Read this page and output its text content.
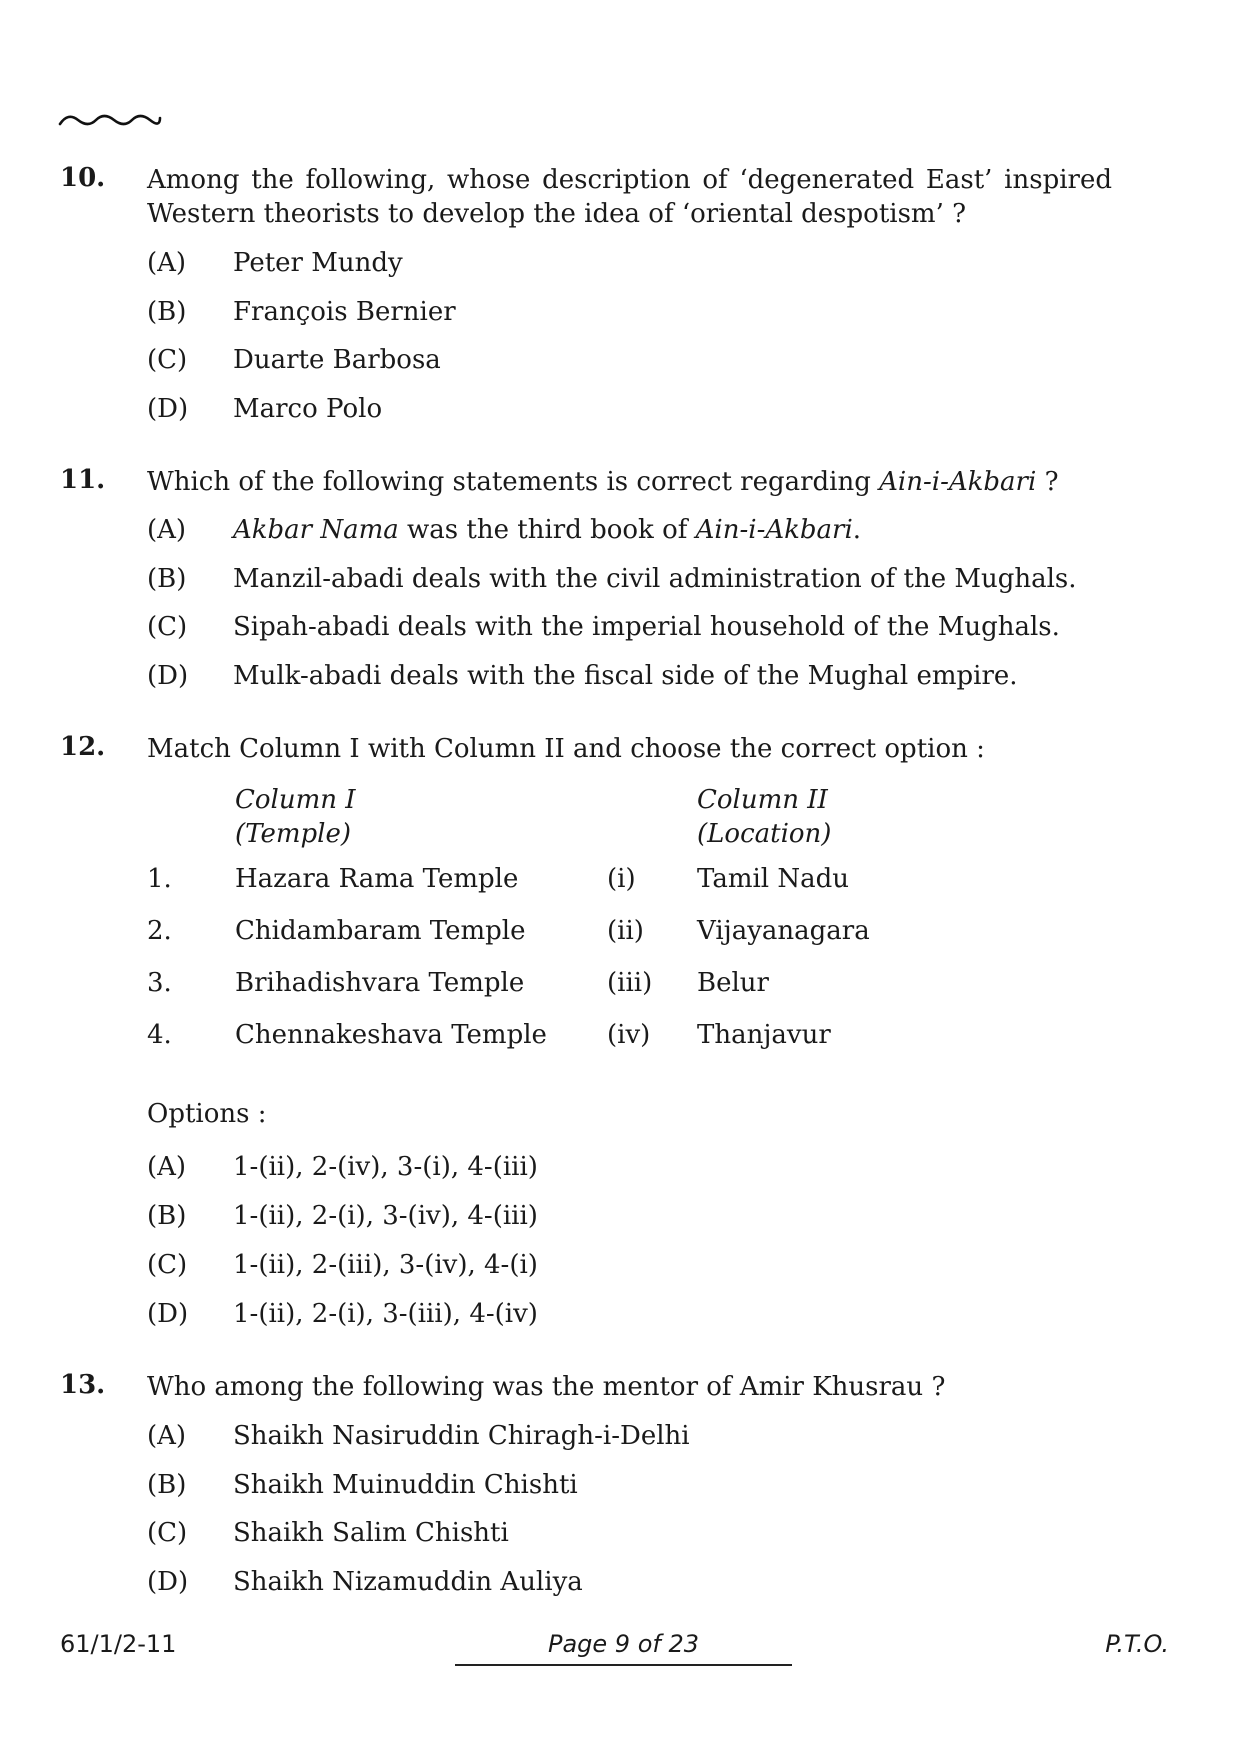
10. Among the following, whose description of ‘degenerated East’ inspired Western theorists to develop the idea of ‘oriental despotism’ ?
(A) Peter Mundy
(B) François Bernier
(C) Duarte Barbosa
(D) Marco Polo
11. Which of the following statements is correct regarding Ain-i-Akbari ?
(A) Akbar Nama was the third book of Ain-i-Akbari.
(B) Manzil-abadi deals with the civil administration of the Mughals.
(C) Sipah-abadi deals with the imperial household of the Mughals.
(D) Mulk-abadi deals with the fiscal side of the Mughal empire.
12. Match Column I with Column II and choose the correct option :
Column I
(Temple)
Column II
(Location)
1. Hazara Rama Temple	(i) Tamil Nadu
2. Chidambaram Temple	(ii) Vijayanagara
3. Brihadishvara Temple	(iii) Belur
4. Chennakeshava Temple (iv) Thanjavur
Options :
(A) 1-(ii), 2-(iv), 3-(i), 4-(iii)
(B) 1-(ii), 2-(i), 3-(iv), 4-(iii)
(C) 1-(ii), 2-(iii), 3-(iv), 4-(i)
(D) 1-(ii), 2-(i), 3-(iii), 4-(iv)
13. Who among the following was the mentor of Amir Khusrau ?
(A) Shaikh Nasiruddin Chiragh-i-Delhi
(B) Shaikh Muinuddin Chishti
(C) Shaikh Salim Chishti
(D) Shaikh Nizamuddin Auliya
61/1/2-11	Page 9 of 23	P.T.O.
